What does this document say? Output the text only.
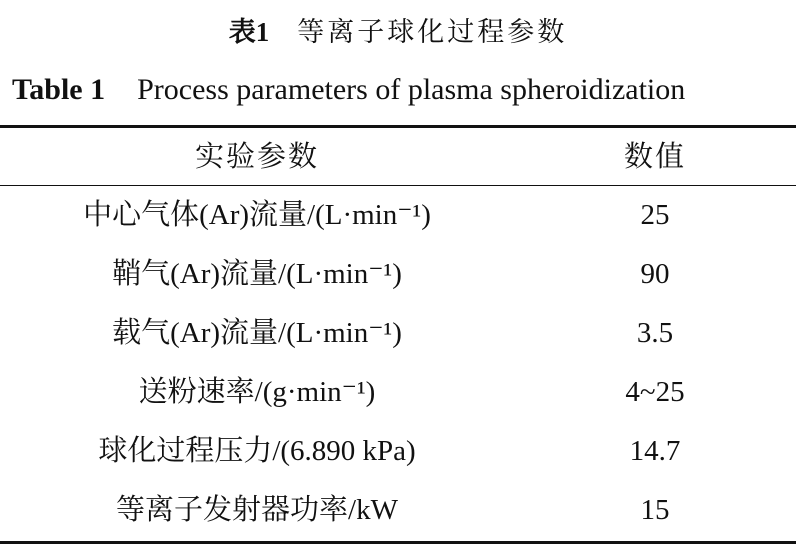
表1 等离子球化过程参数
Table 1 Process parameters of plasma spheroidization
实验参数	数值
中心气体(Ar)流量/(L·min⁻¹)	25
鞘气(Ar)流量/(L·min⁻¹)	90
载气(Ar)流量/(L·min⁻¹)	3.5
送粉速率/(g·min⁻¹)	4~25
球化过程压力/(6.890 kPa)	14.7
等离子发射器功率/kW	15
